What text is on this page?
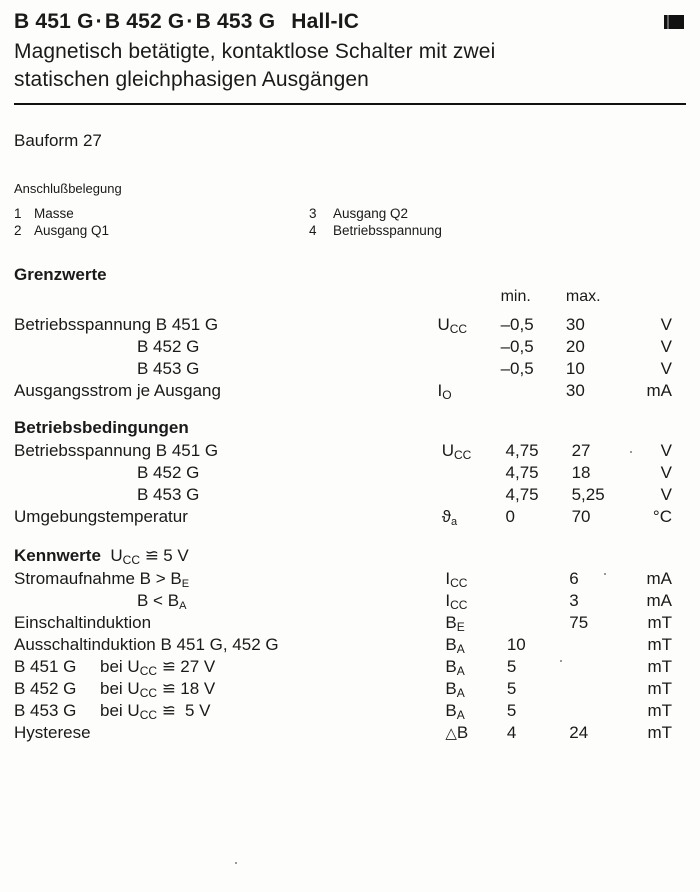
B 451 G·B 452 G·B 453 G Hall-IC
Magnetisch betätigte, kontaktlose Schalter mit zwei
statischen gleichphasigen Ausgängen
Bauform 27
Anschlußbelegung
1	Masse	3	Ausgang Q2
2	Ausgang Q1	4	Betriebsspannung
Grenzwerte
		min.	max.	

Betriebsspannung B 451 G	UCC	–0,5	30	V
B 452 G		–0,5	20	V
B 453 G		–0,5	10	V
Ausgangsstrom je Ausgang	IO		30	mA
Betriebsbedingungen
Betriebsspannung B 451 G	UCC	4,75	27	V
B 452 G		4,75	18	V
B 453 G		4,75	5,25	V
Umgebungstemperatur	ϑa	0	70	°C
Kennwerte  UCC ≌ 5 V
Stromaufnahme B > BE	ICC		6	mA
B < BA	ICC		3	mA
Einschaltinduktion	BE		75	mT
Ausschaltinduktion B 451 G, 452 G	BA	10		mT
B 451 G     bei UCC ≌ 27 V	BA	5		mT
B 452 G     bei UCC ≌ 18 V	BA	5		mT
B 453 G     bei UCC ≌  5 V	BA	5		mT
Hysterese	△B	4	24	mT
